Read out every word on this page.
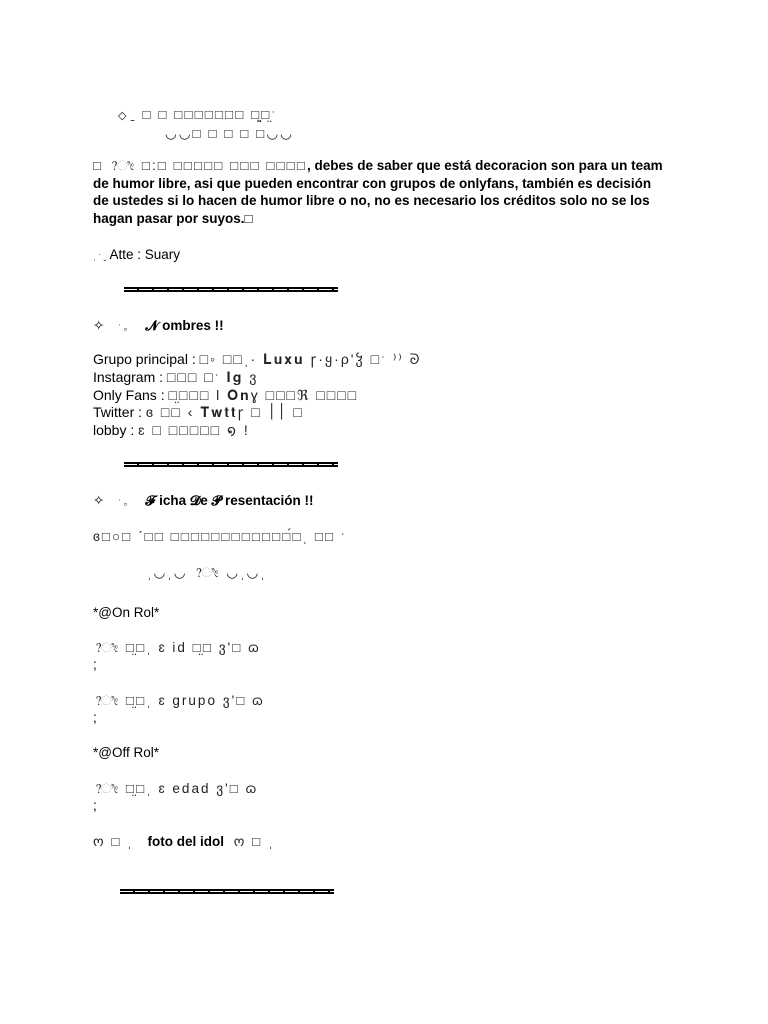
◇ ˍ □ □ □□□□□□□ □̤̮□̤ˑ
◡◡□ □ □ □ □◡◡
□ ?ೀ □:□ □□□□□ □□□ □□□□, debes de saber que está decoracion son para un team de humor libre, asi que pueden encontrar con grupos de onlyfans, también es decisión de ustedes si lo hacen de humor libre o no, no es necesario los créditos solo no se los hagan pasar por suyos.□
ˌ ˑ ˬ Atte : Suary
✧ ˑ 。 𝓝 ombres !!
Grupo principal : □◦ □□ˌ· 𝐋𝐮𝐱𝐮 ꞅ·ყ·ρ'ჴ □ˑ ⁾⁾ ᘐ
Instagram : □□□ □ˑ 𝐈𝐠 ვ
Only Fans : □̤□□□ l 𝐎𝐧ɣ □□□ℜ □□□□
Twitter : ɞ □□ ‹ 𝐓𝐰𝐭𝐭ꞅ □ ׀׀ □
lobby : ɛ □ □□□□□ ໑ !
✧ ˑ 。 𝓕 icha 𝓓e 𝓟 resentación !!
ɞ□○□ ˊ□□ □□□□□□□□□□□□́□ˌ □□ ˑ
ˌ◡ˌ◡ ?ೀ ◡ˌ◡ˌ
*@On Rol*
?ೀ □̤□ˌ ɛ id □̤□ ვ'□ ɷ
;
?ೀ □̤□ˌ ɛ grupo ვ'□ ɷ
;
*@Off Rol*
?ೀ □̤□ˌ ɛ edad ვ'□ ɷ
;
ო □ ˌ foto del idol ო □ ˌ
